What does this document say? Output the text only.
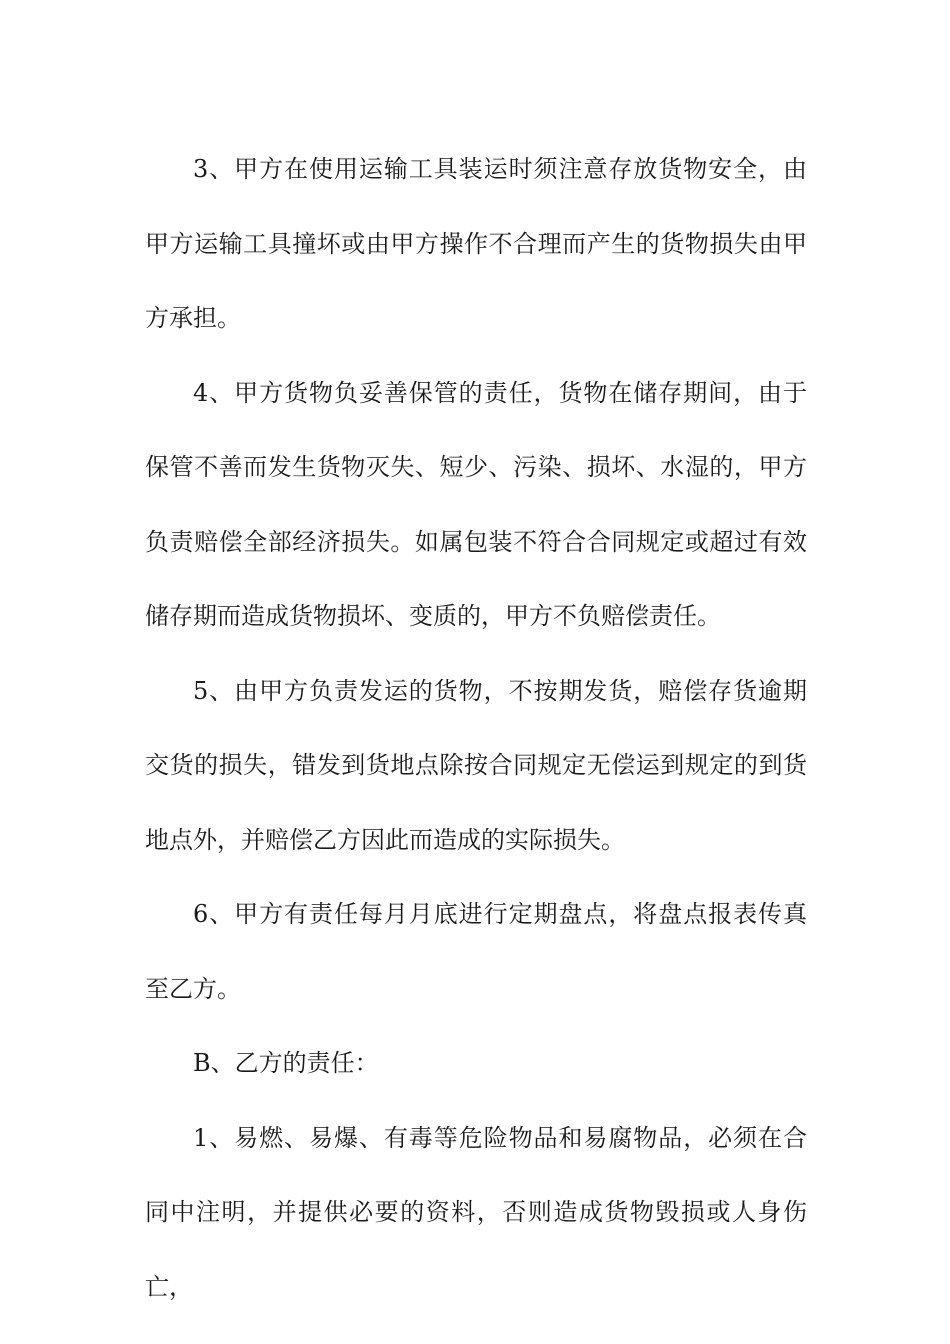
3、甲方在使用运输工具装运时须注意存放货物安全，由甲方运输工具撞坏或由甲方操作不合理而产生的货物损失由甲方承担。

4、甲方货物负妥善保管的责任，货物在储存期间，由于保管不善而发生货物灭失、短少、污染、损坏、水湿的，甲方负责赔偿全部经济损失。如属包装不符合合同规定或超过有效储存期而造成货物损坏、变质的，甲方不负赔偿责任。

5、由甲方负责发运的货物，不按期发货，赔偿存货逾期交货的损失，错发到货地点除按合同规定无偿运到规定的到货地点外，并赔偿乙方因此而造成的实际损失。

6、甲方有责任每月月底进行定期盘点，将盘点报表传真至乙方。

B、乙方的责任：

1、易燃、易爆、有毒等危险物品和易腐物品，必须在合同中注明，并提供必要的资料，否则造成货物毁损或人身伤亡，
